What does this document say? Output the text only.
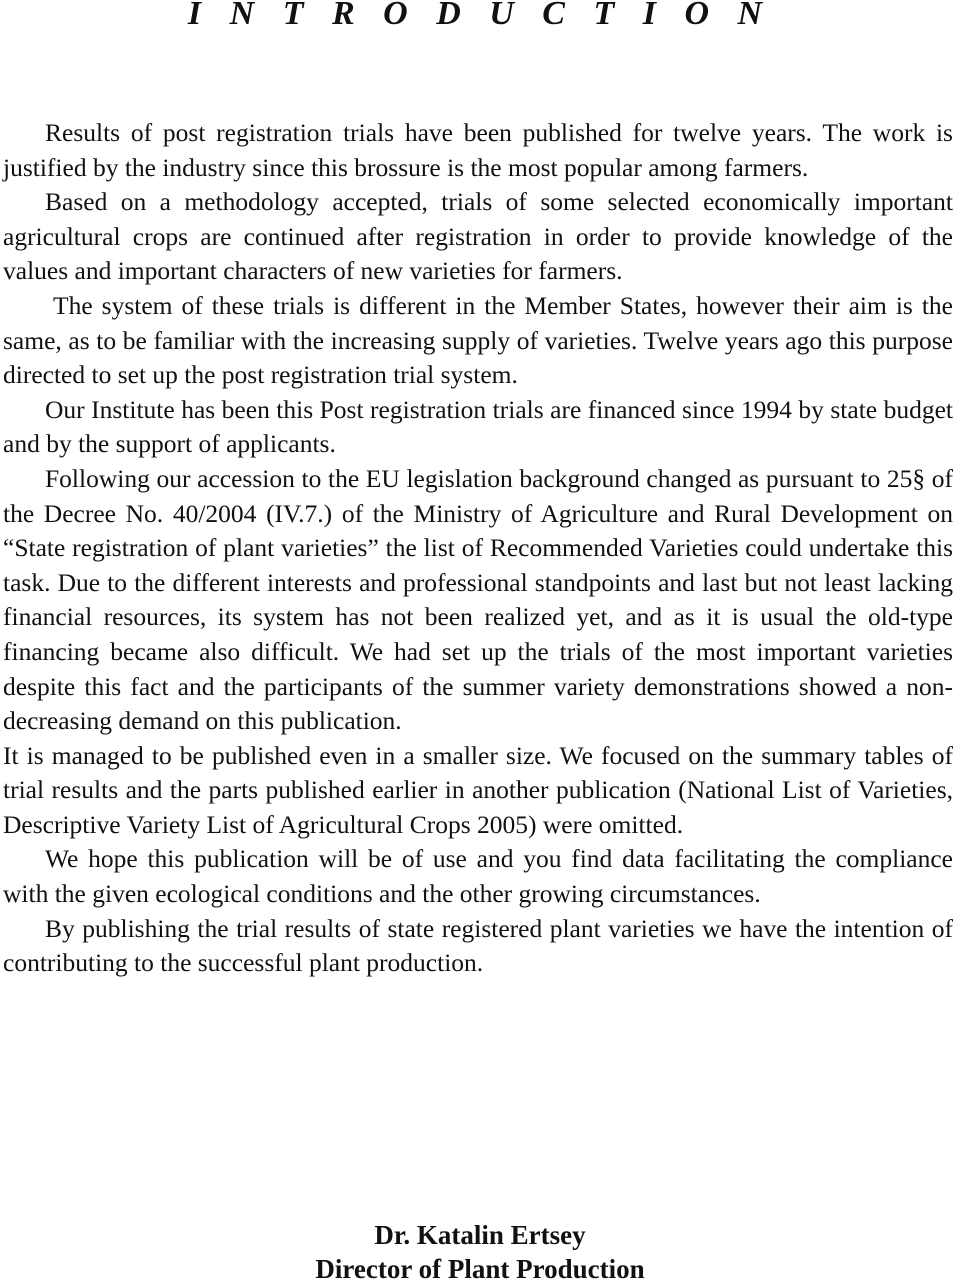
I N T R O D U C T I O N

Results of post registration trials have been published for twelve years. The work is justified by the industry since this brossure is the most popular among farmers.

Based on a methodology accepted, trials of some selected economically important agricultural crops are continued after registration in order to provide knowledge of the values and important characters of new varieties for farmers.

The system of these trials is different in the Member States, however their aim is the same, as to be familiar with the increasing supply of varieties. Twelve years ago this purpose directed to set up the post registration trial system.

Our Institute has been this Post registration trials are financed since 1994 by state budget and by the support of applicants.

Following our accession to the EU legislation background changed as pursuant to 25§ of the Decree No. 40/2004 (IV.7.) of the Ministry of Agriculture and Rural Development on “State registration of plant varieties” the list of Recommended Varieties could undertake this task. Due to the different interests and professional standpoints and last but not least lacking financial resources, its system has not been realized yet, and as it is usual the old-type financing became also difficult. We had set up the trials of the most important varieties despite this fact and the participants of the summer variety demonstrations showed a non-decreasing demand on this publication.

It is managed to be published even in a smaller size. We focused on the summary tables of trial results and the parts published earlier in another publication (National List of Varieties, Descriptive Variety List of Agricultural Crops 2005) were omitted.

We hope this publication will be of use and you find data facilitating the compliance with the given ecological conditions and the other growing circumstances.

By publishing the trial results of state registered plant varieties we have the intention of contributing to the successful plant production.

Dr. Katalin Ertsey
Director of Plant Production
